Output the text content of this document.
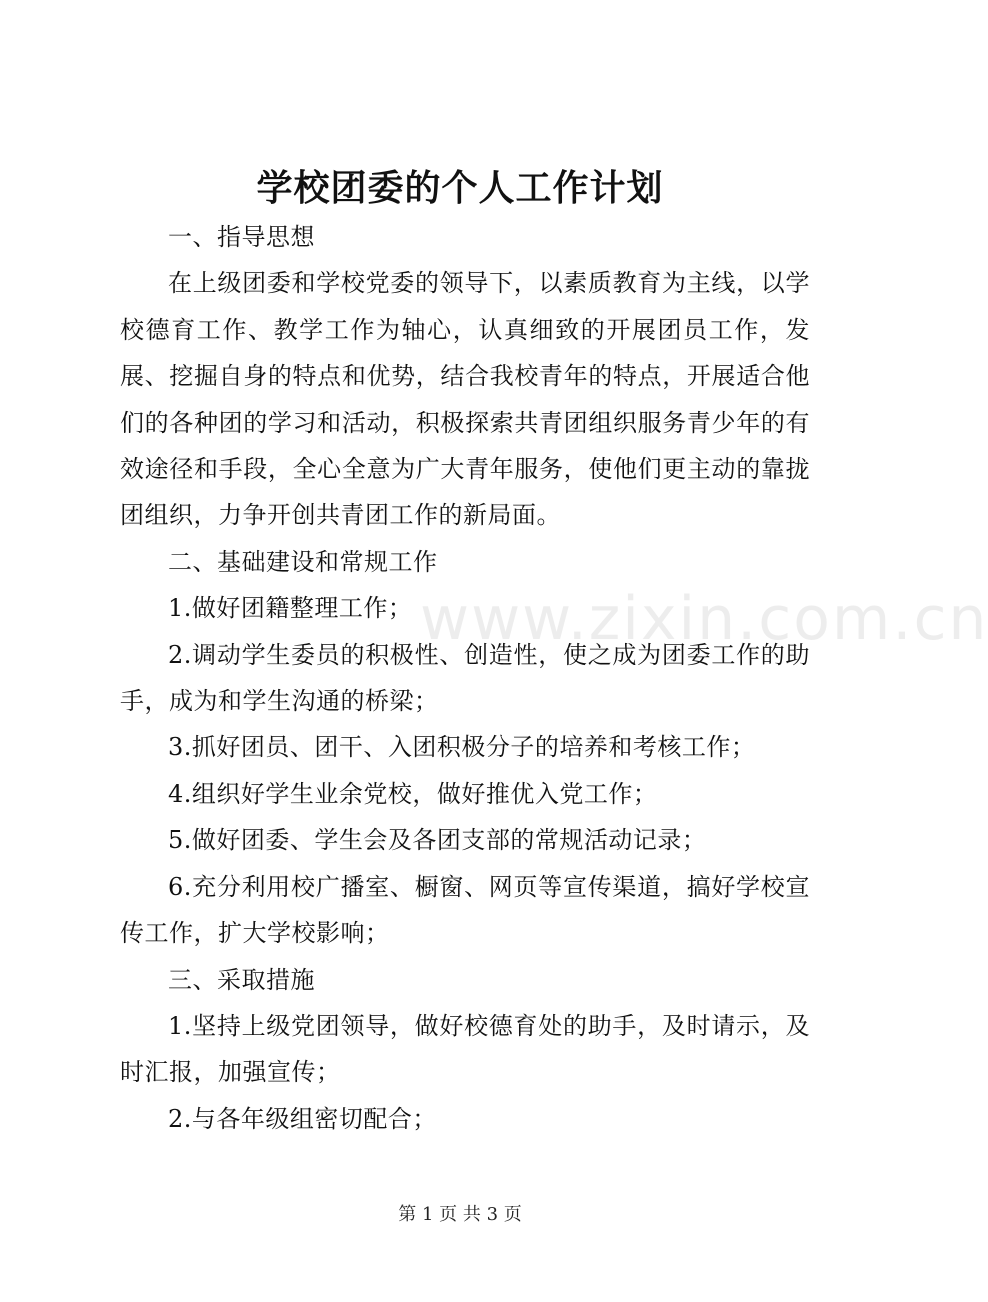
学校团委的个人工作计划

一、指导思想

在上级团委和学校党委的领导下，以素质教育为主线，以学校德育工作、教学工作为轴心，认真细致的开展团员工作，发展、挖掘自身的特点和优势，结合我校青年的特点，开展适合他们的各种团的学习和活动，积极探索共青团组织服务青少年的有效途径和手段，全心全意为广大青年服务，使他们更主动的靠拢团组织，力争开创共青团工作的新局面。

二、基础建设和常规工作

1.做好团籍整理工作；

2.调动学生委员的积极性、创造性，使之成为团委工作的助手，成为和学生沟通的桥梁；

3.抓好团员、团干、入团积极分子的培养和考核工作；

4.组织好学生业余党校，做好推优入党工作；

5.做好团委、学生会及各团支部的常规活动记录；

6.充分利用校广播室、橱窗、网页等宣传渠道，搞好学校宣传工作，扩大学校影响；

三、采取措施

1.坚持上级党团领导，做好校德育处的助手，及时请示，及时汇报，加强宣传；

2.与各年级组密切配合；

www.zixin.com.cn
第 1 页 共 3 页
